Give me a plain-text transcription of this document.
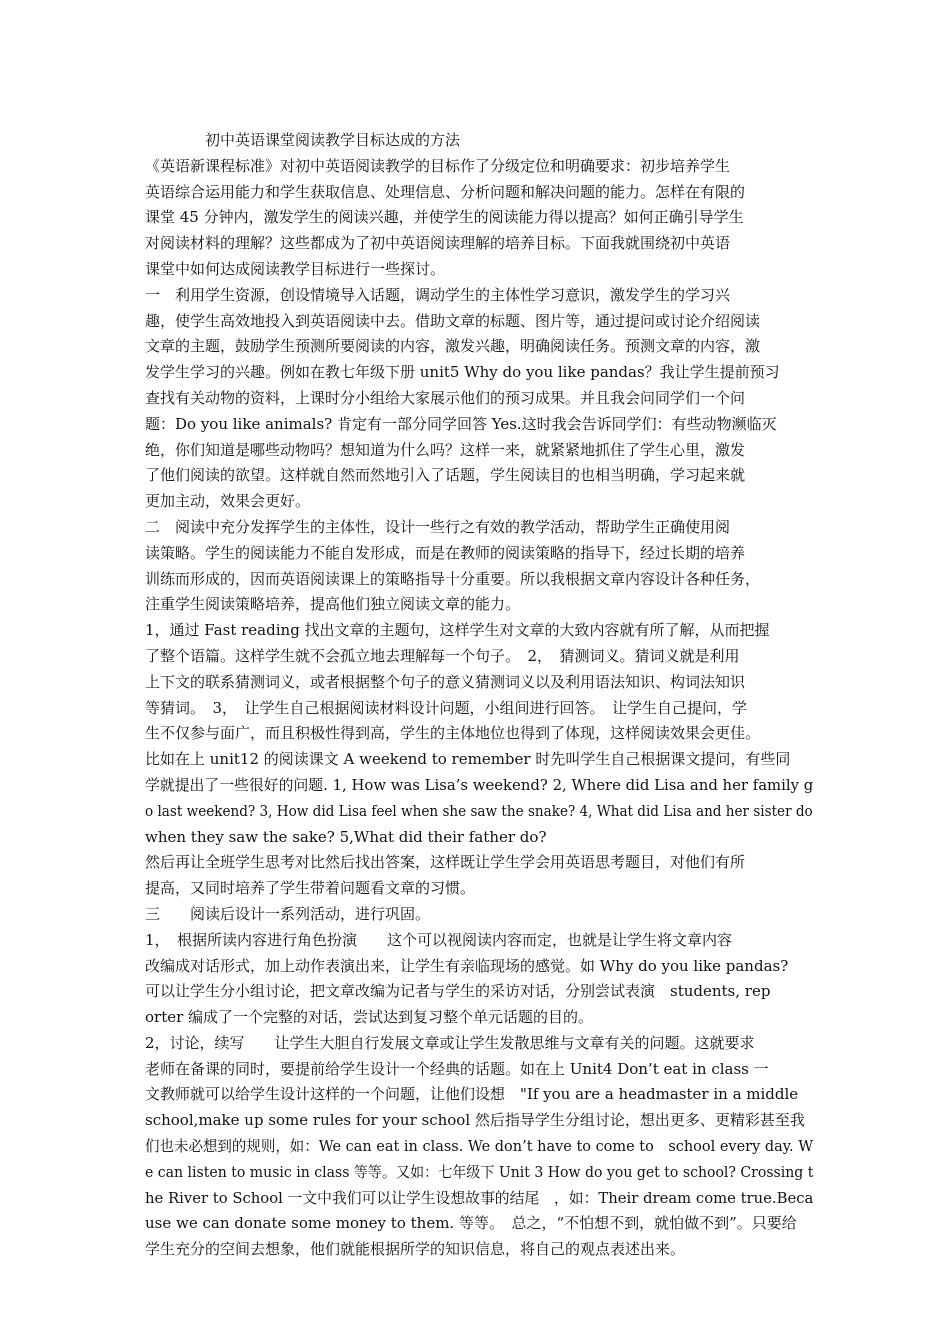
初中英语课堂阅读教学目标达成的方法
《英语新课程标准》对初中英语阅读教学的目标作了分级定位和明确要求：初步培养学生
英语综合运用能力和学生获取信息、处理信息、分析问题和解决问题的能力。怎样在有限的
课堂 45 分钟内，激发学生的阅读兴趣，并使学生的阅读能力得以提高？如何正确引导学生
对阅读材料的理解？这些都成为了初中英语阅读理解的培养目标。下面我就围绕初中英语
课堂中如何达成阅读教学目标进行一些探讨。
一　利用学生资源，创设情境导入话题，调动学生的主体性学习意识，激发学生的学习兴
趣，使学生高效地投入到英语阅读中去。借助文章的标题、图片等，通过提问或讨论介绍阅读
文章的主题，鼓励学生预测所要阅读的内容，激发兴趣，明确阅读任务。预测文章的内容，激
发学生学习的兴趣。例如在教七年级下册 unit5 Why do you like pandas？我让学生提前预习
查找有关动物的资料，上课时分小组给大家展示他们的预习成果。并且我会问同学们一个问
题：Do you like animals? 肯定有一部分同学回答 Yes.这时我会告诉同学们：有些动物濒临灭
绝，你们知道是哪些动物吗？想知道为什么吗？这样一来，就紧紧地抓住了学生心里，激发
了他们阅读的欲望。这样就自然而然地引入了话题，学生阅读目的也相当明确，学习起来就
更加主动，效果会更好。
二　阅读中充分发挥学生的主体性，设计一些行之有效的教学活动，帮助学生正确使用阅
读策略。学生的阅读能力不能自发形成，而是在教师的阅读策略的指导下，经过长期的培养
训练而形成的，因而英语阅读课上的策略指导十分重要。所以我根据文章内容设计各种任务，
注重学生阅读策略培养，提高他们独立阅读文章的能力。
1，通过 Fast reading 找出文章的主题句，这样学生对文章的大致内容就有所了解，从而把握
了整个语篇。这样学生就不会孤立地去理解每一个句子。　2，　猜测词义。猜词义就是利用
上下文的联系猜测词义，或者根据整个句子的意义猜测词义以及利用语法知识、构词法知识
等猜词。　3，　让学生自己根据阅读材料设计问题，小组间进行回答。　让学生自己提问，学
生不仅参与面广，而且积极性得到高，学生的主体地位也得到了体现，这样阅读效果会更佳。
比如在上 unit12 的阅读课文 A weekend to remember 时先叫学生自己根据课文提问，有些同
学就提出了一些很好的问题. 1, How was Lisa’s weekend? 2, Where did Lisa and her family g
o last weekend? 3, How did Lisa feel when she saw the snake? 4, What did Lisa and her sister do
when they saw the sake? 5,What did their father do?
然后再让全班学生思考对比然后找出答案，这样既让学生学会用英语思考题目，对他们有所
提高，又同时培养了学生带着问题看文章的习惯。
三　　阅读后设计一系列活动，进行巩固。
1，　根据所读内容进行角色扮演　　这个可以视阅读内容而定，也就是让学生将文章内容
改编成对话形式，加上动作表演出来，让学生有亲临现场的感觉。如 Why do you like pandas?
可以让学生分小组讨论，把文章改编为记者与学生的采访对话，分别尝试表演　students, rep
orter 编成了一个完整的对话，尝试达到复习整个单元话题的目的。
2，讨论，续写　　让学生大胆自行发展文章或让学生发散思维与文章有关的问题。这就要求
老师在备课的同时，要提前给学生设计一个经典的话题。如在上 Unit4 Don’t eat in class 一
文教师就可以给学生设计这样的一个问题，让他们设想　"If you are a headmaster in a middle
school,make up some rules for your school 然后指导学生分组讨论，想出更多、更精彩甚至我
们也未必想到的规则，如：We can eat in class. We don’t have to come to　school every day. W
e can listen to music in class 等等。又如：七年级下 Unit 3 How do you get to school? Crossing t
he River to School 一文中我们可以让学生设想故事的结尾　，如：Their dream come true.Beca
use we can donate some money to them. 等等。　总之，“不怕想不到，就怕做不到”。只要给
学生充分的空间去想象，他们就能根据所学的知识信息，将自己的观点表述出来。
